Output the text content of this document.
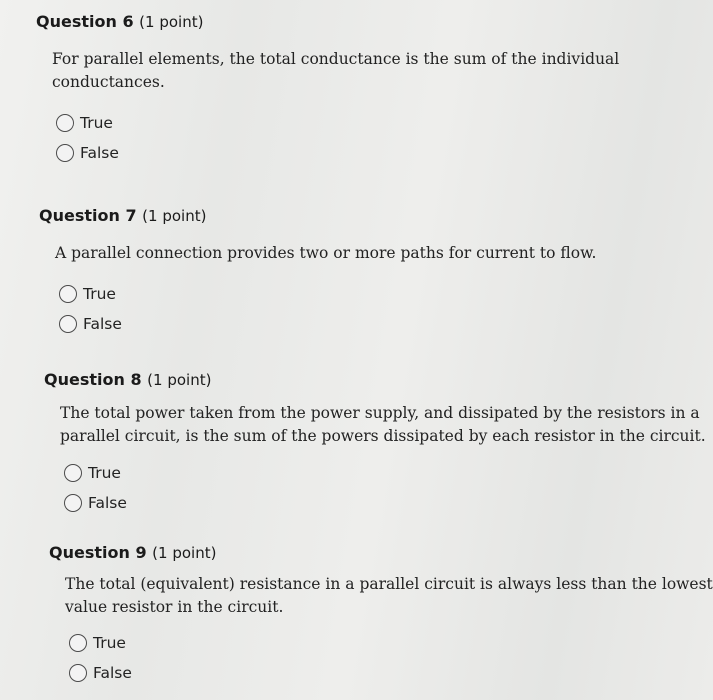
Question 6 (1 point)
For parallel elements, the total conductance is the sum of the individual
conductances.
True
False
Question 7 (1 point)
A parallel connection provides two or more paths for current to flow.
True
False
Question 8 (1 point)
The total power taken from the power supply, and dissipated by the resistors in a
parallel circuit, is the sum of the powers dissipated by each resistor in the circuit.
True
False
Question 9 (1 point)
The total (equivalent) resistance in a parallel circuit is always less than the lowest
value resistor in the circuit.
True
False
